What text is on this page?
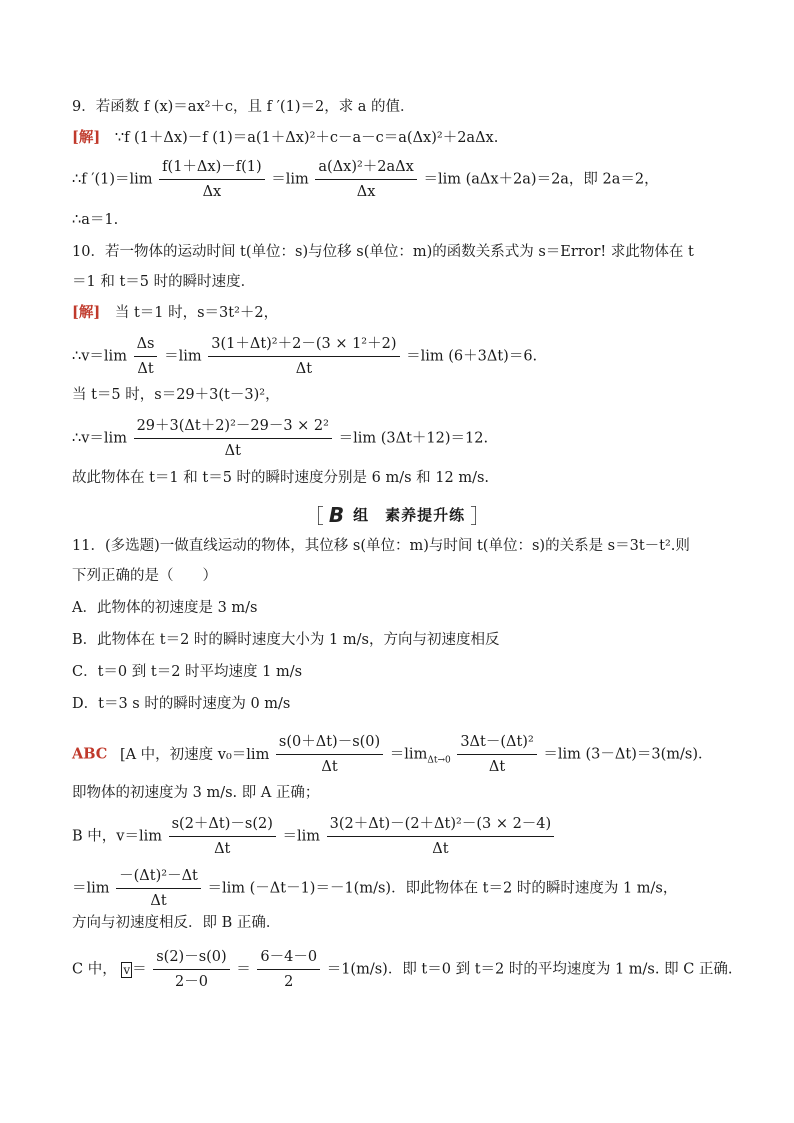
9．若函数 f (x)＝ax²＋c，且 f ′(1)＝2，求 a 的值．
[解] ∵f (1＋Δx)－f (1)＝a(1＋Δx)²＋c－a－c＝a(Δx)²＋2aΔx.
∴f $'(1)=\lim \frac{f(1+\Delta x)-f(1)}{\Delta x} =\lim \frac{\text{a(Δx)²＋2aΔx}}{\Delta x} =\lim$ (aΔx＋2a)＝2a，即 2a＝2，
∴a＝1.
10．若一物体的运动时间 t(单位：s)与位移 s(单位：m)的函数关系式为 s＝Error! 求此物体在 t
＝1 和 t＝5 时的瞬时速度．
[解] 当 t＝1 时，s＝3t²＋2，
∴v＝lim $\frac{\Delta s}{\Delta t} =\lim \frac{\text{3(1＋Δt)²＋2－(3 × 1²＋2)}}{\Delta t} =\lim$ (6＋3Δt)＝6.
当 t＝5 时，s＝29＋3(t－3)²，
∴v＝lim $\frac{\text{29＋3(Δt＋2)²－29－3 × 2²}}{\Delta t} =\lim$ (3Δt＋12)＝12.
故此物体在 t＝1 和 t＝5 时的瞬时速度分别是 6 m/s 和 12 m/s.
［ B 组　素养提升练 ］
11．(多选题)一做直线运动的物体，其位移 s(单位：m)与时间 t(单位：s)的关系是 s＝3t－t².则
下列正确的是（　　）
A．此物体的初速度是 3 m/s
B．此物体在 t＝2 时的瞬时速度大小为 1 m/s，方向与初速度相反
C．t＝0 到 t＝2 时平均速度 1 m/s
D．t＝3 s 时的瞬时速度为 0 m/s
ABC [A 中，初速度 $v_0=\lim \frac{s(0+\Delta t)-s(0)}{\Delta t} =\lim_{\Delta t\to 0} \frac{\text{3Δt－(Δt)²}}{\Delta t} =\lim$ (3－Δt)＝3(m/s)．
即物体的初速度为 3 m/s. 即 A 正确；
B 中，$v=\lim \frac{s(2+\Delta t)-s(2)}{\Delta t} =\lim \frac{\text{3(2＋Δt)－(2＋Δt)²－(3 × 2－4)}}{\Delta t}$
$=\lim \frac{\text{－(Δt)²－Δt}}{\Delta t} =\lim$ (－Δt－1)＝－1(m/s)．即此物体在 t＝2 时的瞬时速度为 1 m/s，
方向与初速度相反．即 B 正确．
C 中， $v = \frac{s(2)-s(0)}{2-0} = \frac{6-4-0}{2} =1(m/s)$．即 t＝0 到 t＝2 时的平均速度为 1 m/s. 即 C 正确.
